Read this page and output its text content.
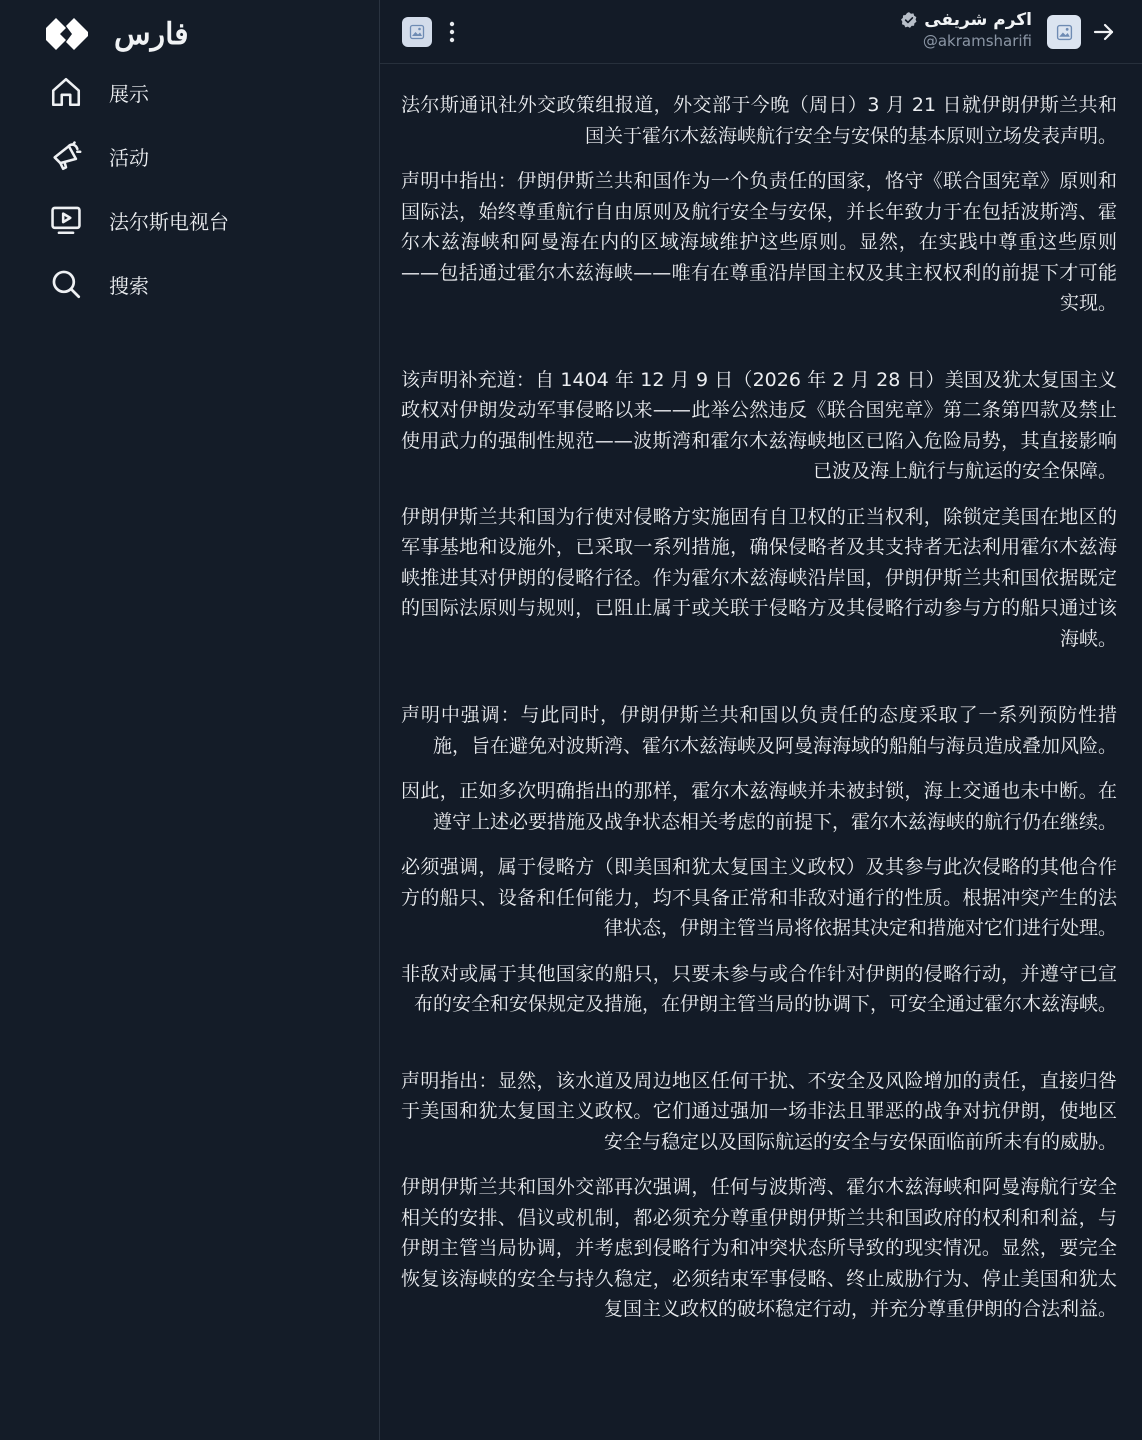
فارس
展示
活动
法尔斯电视台
搜索
اکرم شریفی
@akramsharifi

法尔斯通讯社外交政策组报道，外交部于今晚（周日）3 月 21 日就伊朗伊斯兰共和国关于霍尔木兹海峡航行安全与安保的基本原则立场发表声明。

声明中指出：伊朗伊斯兰共和国作为一个负责任的国家，恪守《联合国宪章》原则和国际法，始终尊重航行自由原则及航行安全与安保，并长年致力于在包括波斯湾、霍尔木兹海峡和阿曼海在内的区域海域维护这些原则。显然，在实践中尊重这些原则——包括通过霍尔木兹海峡——唯有在尊重沿岸国主权及其主权权利的前提下才可能实现。

该声明补充道：自 1404 年 12 月 9 日（2026 年 2 月 28 日）美国及犹太复国主义政权对伊朗发动军事侵略以来——此举公然违反《联合国宪章》第二条第四款及禁止使用武力的强制性规范——波斯湾和霍尔木兹海峡地区已陷入危险局势，其直接影响已波及海上航行与航运的安全保障。

伊朗伊斯兰共和国为行使对侵略方实施固有自卫权的正当权利，除锁定美国在地区的军事基地和设施外，已采取一系列措施，确保侵略者及其支持者无法利用霍尔木兹海峡推进其对伊朗的侵略行径。作为霍尔木兹海峡沿岸国，伊朗伊斯兰共和国依据既定的国际法原则与规则，已阻止属于或关联于侵略方及其侵略行动参与方的船只通过该海峡。

声明中强调：与此同时，伊朗伊斯兰共和国以负责任的态度采取了一系列预防性措施，旨在避免对波斯湾、霍尔木兹海峡及阿曼海海域的船舶与海员造成叠加风险。

因此，正如多次明确指出的那样，霍尔木兹海峡并未被封锁，海上交通也未中断。在遵守上述必要措施及战争状态相关考虑的前提下，霍尔木兹海峡的航行仍在继续。

必须强调，属于侵略方（即美国和犹太复国主义政权）及其参与此次侵略的其他合作方的船只、设备和任何能力，均不具备正常和非敌对通行的性质。根据冲突产生的法律状态，伊朗主管当局将依据其决定和措施对它们进行处理。

非敌对或属于其他国家的船只，只要未参与或合作针对伊朗的侵略行动，并遵守已宣布的安全和安保规定及措施，在伊朗主管当局的协调下，可安全通过霍尔木兹海峡。

声明指出：显然，该水道及周边地区任何干扰、不安全及风险增加的责任，直接归咎于美国和犹太复国主义政权。它们通过强加一场非法且罪恶的战争对抗伊朗，使地区安全与稳定以及国际航运的安全与安保面临前所未有的威胁。

伊朗伊斯兰共和国外交部再次强调，任何与波斯湾、霍尔木兹海峡和阿曼海航行安全相关的安排、倡议或机制，都必须充分尊重伊朗伊斯兰共和国政府的权利和利益，与伊朗主管当局协调，并考虑到侵略行为和冲突状态所导致的现实情况。显然，要完全恢复该海峡的安全与持久稳定，必须结束军事侵略、终止威胁行为、停止美国和犹太复国主义政权的破坏稳定行动，并充分尊重伊朗的合法利益。
